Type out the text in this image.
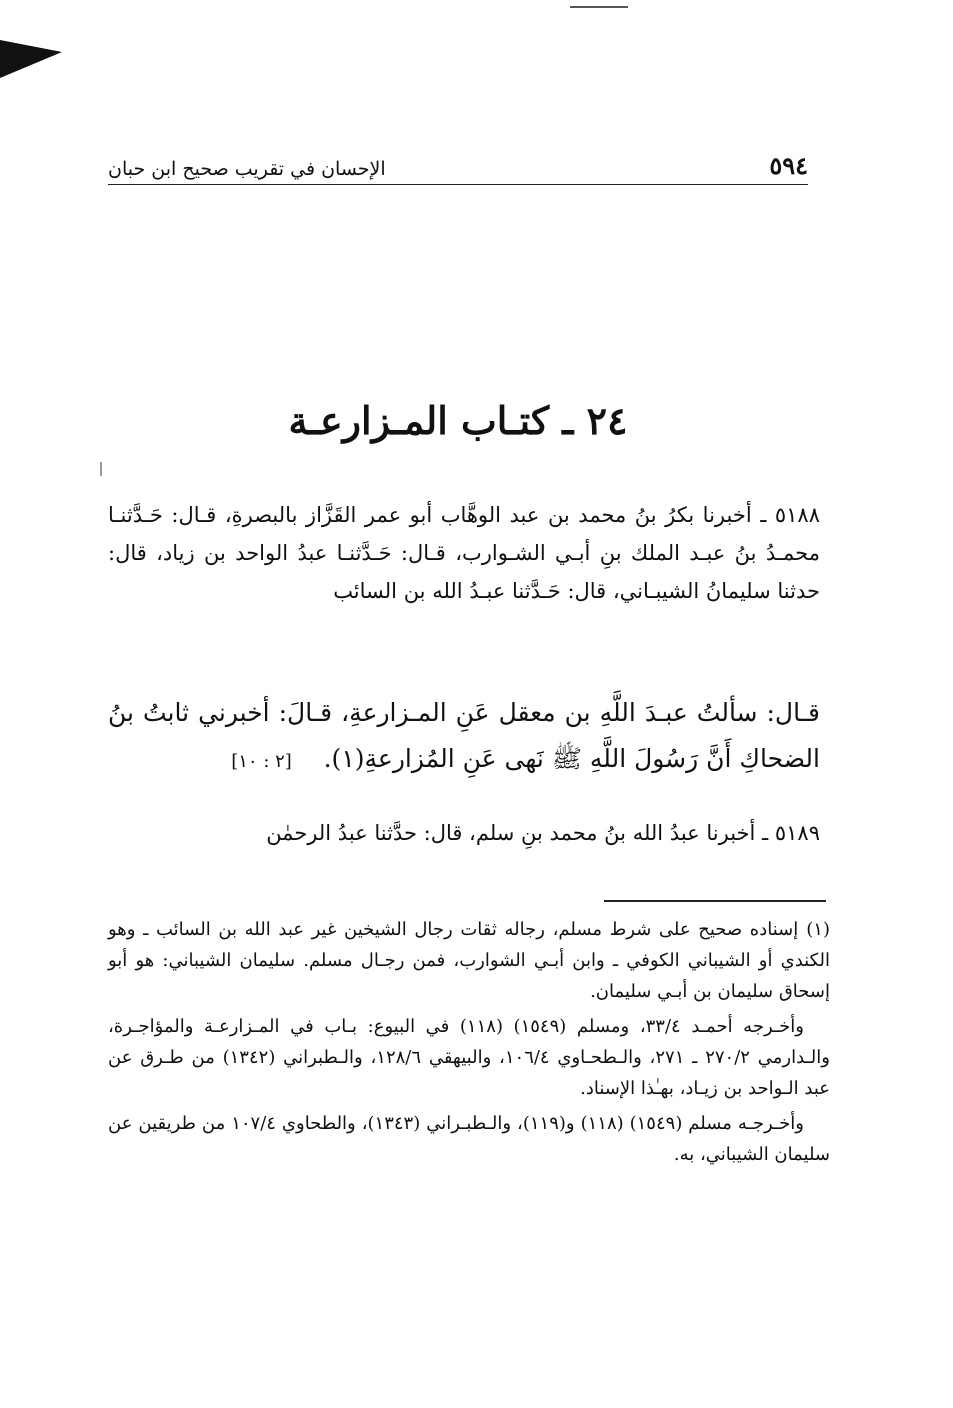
٥٩٤
الإحسان في تقريب صحيح ابن حبان
٢٤ ـ كتـاب المـزارعـة

٥١٨٨ ـ أخبرنا بكرُ بنُ محمد بن عبد الوهَّاب أبو عمر القَزَّاز بالبصرةِ، قـال: حَـدَّثنـا محمـدُ بنُ عبـد الملك بنِ أبـي الشـوارب، قـال: حَـدَّثنـا عبدُ الواحد بن زياد، قال: حدثنا سليمانُ الشيبـاني، قال: حَـدَّثنا عبـدُ الله بن السائب

قـال: سألتُ عبـدَ اللَّهِ بن معقل عَنِ المـزارعةِ، قـالَ: أخبرني ثابتُ بنُ الضحاكِ أَنَّ رَسُولَ اللَّهِ ﷺ نَهى عَنِ المُزارعةِ(١).    [٢ : ١٠]

٥١٨٩ ـ أخبرنا عبدُ الله بنُ محمد بنِ سلم، قال: حدَّثنا عبدُ الرحمٰن

(١)إسناده صحيح على شرط مسلم، رجاله ثقات رجال الشيخين غير عبد الله بن السائب ـ وهو الكندي أو الشيباني الكوفي ـ وابن أبـي الشوارب، فمن رجـال مسلم. سليمان الشيباني: هو أبو إسحاق سليمان بن أبـي سليمان.

وأخـرجه أحمـد ٣٣/٤، ومسلم (١٥٤٩) (١١٨) في البيوع: بـاب في المـزارعـة والمؤاجـرة، والـدارمي ٢٧٠/٢ ـ ٢٧١، والـطحـاوي ١٠٦/٤، والبيهقي ١٢٨/٦، والـطبراني (١٣٤٢) من طـرق عن عبد الـواحد بن زيـاد، بهـٰذا الإسناد.

وأخـرجـه مسلم (١٥٤٩) (١١٨) و(١١٩)، والـطبـراني (١٣٤٣)، والطحاوي ١٠٧/٤ من طريقين عن سليمان الشيباني، به.
